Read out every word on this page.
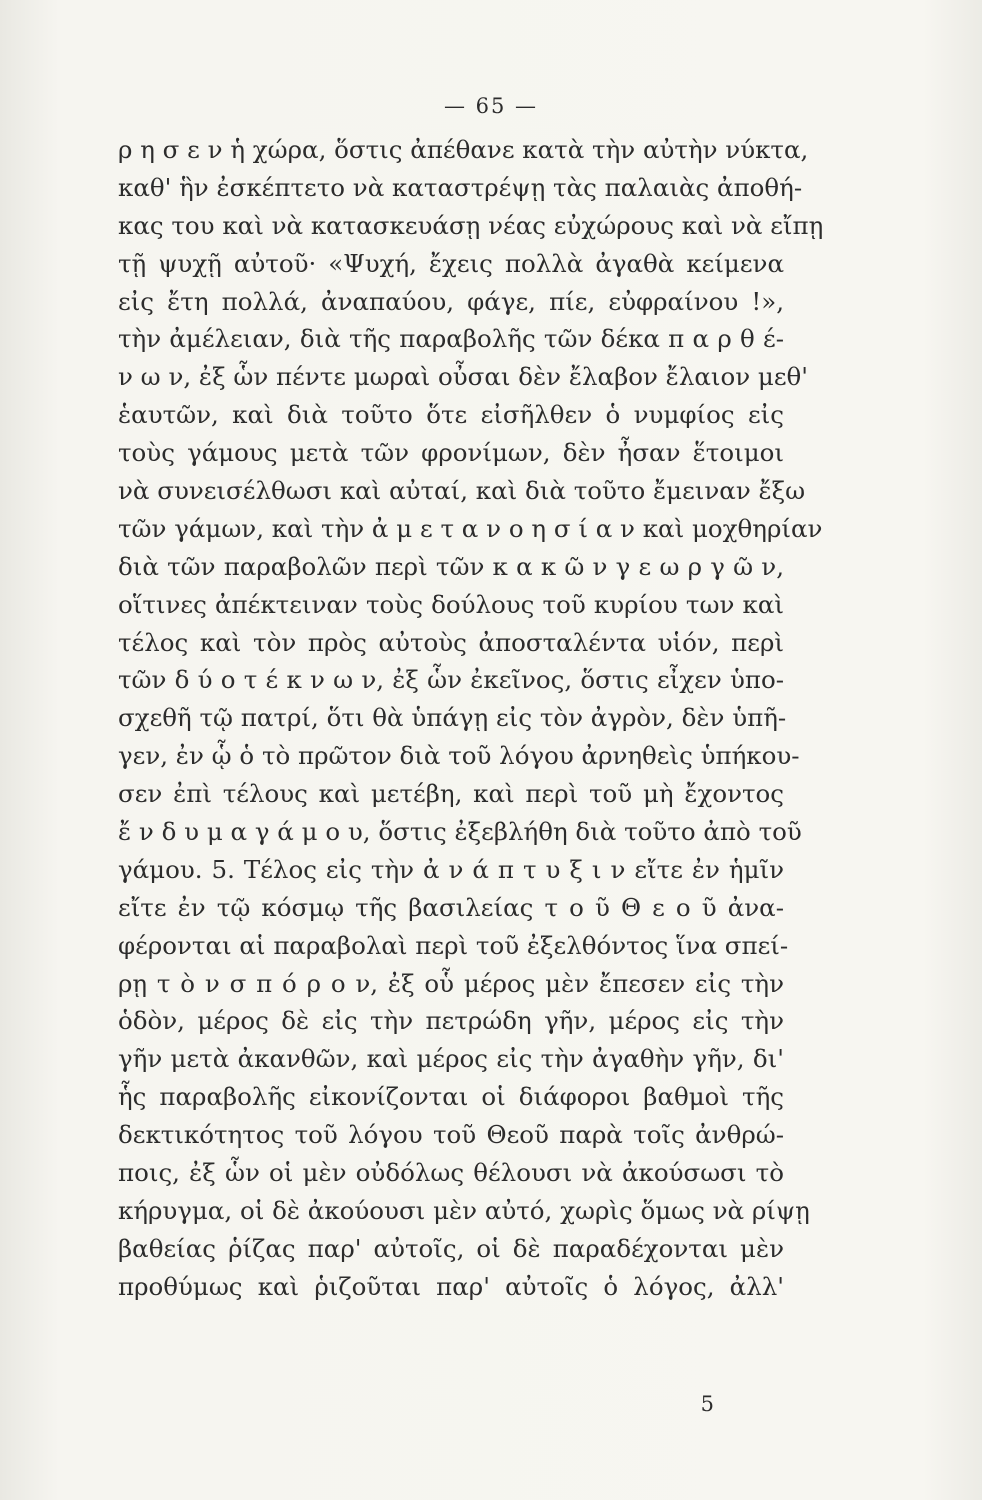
— 65 —
ρ η σ ε ν ἡ χώρα, ὅστις ἀπέθανε κατὰ τὴν αὐτὴν νύκτα,
καθ' ἣν ἐσκέπτετο νὰ καταστρέψῃ τὰς παλαιὰς ἀποθή-
κας του καὶ νὰ κατασκευάσῃ νέας εὐχώρους καὶ νὰ εἴπῃ
τῇ ψυχῇ αὐτοῦ· «Ψυχή, ἔχεις πολλὰ ἀγαθὰ κείμενα
εἰς ἔτη πολλά, ἀναπαύου, φάγε, πίε, εὐφραίνου !»,
τὴν ἀμέλειαν, διὰ τῆς παραβολῆς τῶν δέκα π α ρ θ έ-
ν ω ν, ἐξ ὧν πέντε μωραὶ οὖσαι δὲν ἔλαβον ἔλαιον μεθ'
ἑαυτῶν, καὶ διὰ τοῦτο ὅτε εἰσῆλθεν ὁ νυμφίος εἰς
τοὺς γάμους μετὰ τῶν φρονίμων, δὲν ἦσαν ἕτοιμοι
νὰ συνεισέλθωσι καὶ αὐταί, καὶ διὰ τοῦτο ἔμειναν ἔξω
τῶν γάμων, καὶ τὴν ἀ μ ε τ α ν ο η σ ί α ν καὶ μοχθηρίαν
διὰ τῶν παραβολῶν περὶ τῶν κ α κ ῶ ν γ ε ω ρ γ ῶ ν,
οἵτινες ἀπέκτειναν τοὺς δούλους τοῦ κυρίου των καὶ
τέλος καὶ τὸν πρὸς αὐτοὺς ἀποσταλέντα υἱόν, περὶ
τῶν δ ύ ο τ έ κ ν ω ν, ἐξ ὧν ἐκεῖνος, ὅστις εἶχεν ὑπο-
σχεθῆ τῷ πατρί, ὅτι θὰ ὑπάγῃ εἰς τὸν ἀγρὸν, δὲν ὑπῆ-
γεν, ἐν ᾧ ὁ τὸ πρῶτον διὰ τοῦ λόγου ἀρνηθεὶς ὑπήκου-
σεν ἐπὶ τέλους καὶ μετέβη, καὶ περὶ τοῦ μὴ ἔχοντος
ἔ ν δ υ μ α γ ά μ ο υ, ὅστις ἐξεβλήθη διὰ τοῦτο ἀπὸ τοῦ
γάμου. 5. Τέλος εἰς τὴν ἀ ν ά π τ υ ξ ι ν εἴτε ἐν ἡμῖν
εἴτε ἐν τῷ κόσμῳ τῆς βασιλείας τ ο ῦ Θ ε ο ῦ ἀνα-
φέρονται αἱ παραβολαὶ περὶ τοῦ ἐξελθόντος ἵνα σπεί-
ρῃ τ ὸ ν σ π ό ρ ο ν, ἐξ οὗ μέρος μὲν ἔπεσεν εἰς τὴν
ὁδὸν, μέρος δὲ εἰς τὴν πετρώδη γῆν, μέρος εἰς τὴν
γῆν μετὰ ἀκανθῶν, καὶ μέρος εἰς τὴν ἀγαθὴν γῆν, δι'
ἧς παραβολῆς εἰκονίζονται οἱ διάφοροι βαθμοὶ τῆς
δεκτικότητος τοῦ λόγου τοῦ Θεοῦ παρὰ τοῖς ἀνθρώ-
ποις, ἐξ ὧν οἱ μὲν οὐδόλως θέλουσι νὰ ἀκούσωσι τὸ
κήρυγμα, οἱ δὲ ἀκούουσι μὲν αὐτό, χωρὶς ὅμως νὰ ρίψῃ
βαθείας ῥίζας παρ' αὐτοῖς, οἱ δὲ παραδέχονται μὲν
προθύμως καὶ ῥιζοῦται παρ' αὐτοῖς ὁ λόγος, ἀλλ'
5
